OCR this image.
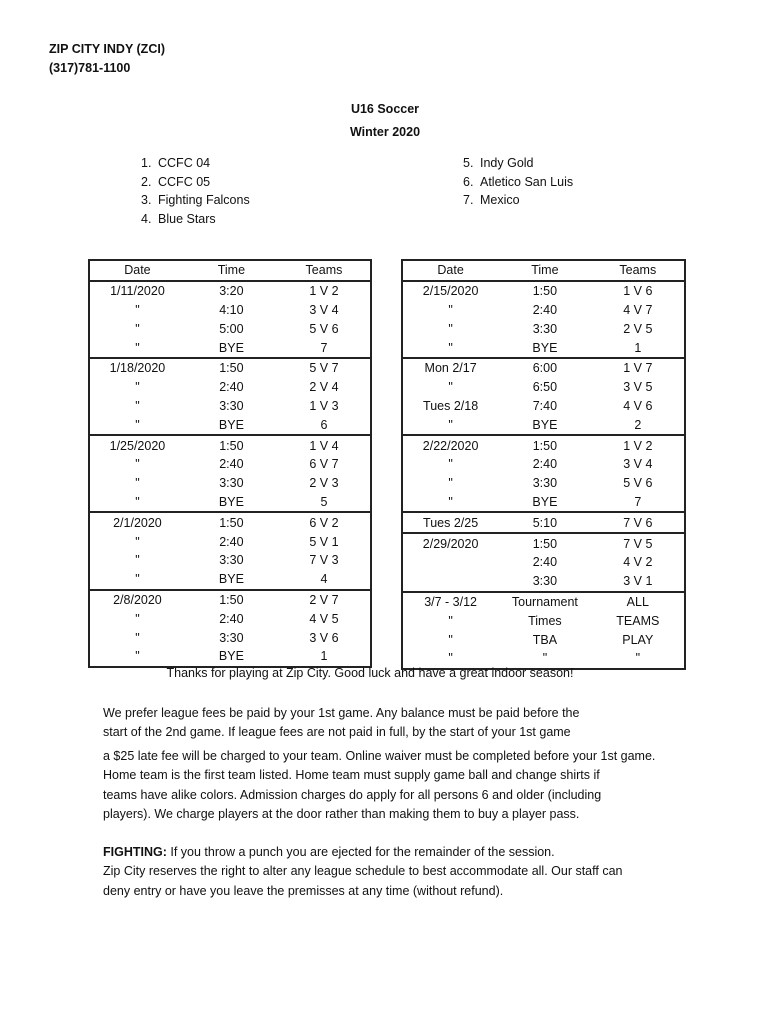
ZIP CITY INDY (ZCI)
(317)781-1100
U16 Soccer
Winter 2020
1. CCFC 04
2. CCFC 05
3. Fighting Falcons
4. Blue Stars
5. Indy Gold
6. Atletico San Luis
7. Mexico
Date	Time	Teams
1/11/2020	3:20	1 V 2
"	4:10	3 V 4
"	5:00	5 V 6
"	BYE	7
1/18/2020	1:50	5 V 7
"	2:40	2 V 4
"	3:30	1 V 3
"	BYE	6
1/25/2020	1:50	1 V 4
"	2:40	6 V 7
"	3:30	2 V 3
"	BYE	5
2/1/2020	1:50	6 V 2
"	2:40	5 V 1
"	3:30	7 V 3
"	BYE	4
2/8/2020	1:50	2 V 7
"	2:40	4 V 5
"	3:30	3 V 6
"	BYE	1
Date	Time	Teams
2/15/2020	1:50	1 V 6
"	2:40	4 V 7
"	3:30	2 V 5
"	BYE	1
Mon 2/17	6:00	1 V 7
"	6:50	3 V 5
Tues 2/18	7:40	4 V 6
"	BYE	2
2/22/2020	1:50	1 V 2
"	2:40	3 V 4
"	3:30	5 V 6
"	BYE	7
Tues 2/25	5:10	7 V 6
2/29/2020	1:50	7 V 5
	2:40	4 V 2
	3:30	3 V 1
3/7 - 3/12	Tournament	ALL
"	Times	TEAMS
"	TBA	PLAY
"	"	"
Thanks for playing at Zip City. Good luck and have a great indoor season!
We prefer league fees be paid by your 1st game. Any balance must be paid before the
start of the 2nd game. If league fees are not paid in full, by the start of your 1st game
a $25 late fee will be charged to your team. Online waiver must be completed before your 1st game.
Home team is the first team listed. Home team must supply game ball and change shirts if
teams have alike colors. Admission charges do apply for all persons 6 and older (including
players). We charge players at the door rather than making them to buy a player pass.
FIGHTING: If you throw a punch you are ejected for the remainder of the session.
Zip City reserves the right to alter any league schedule to best accommodate all. Our staff can
deny entry or have you leave the premisses at any time (without refund).
